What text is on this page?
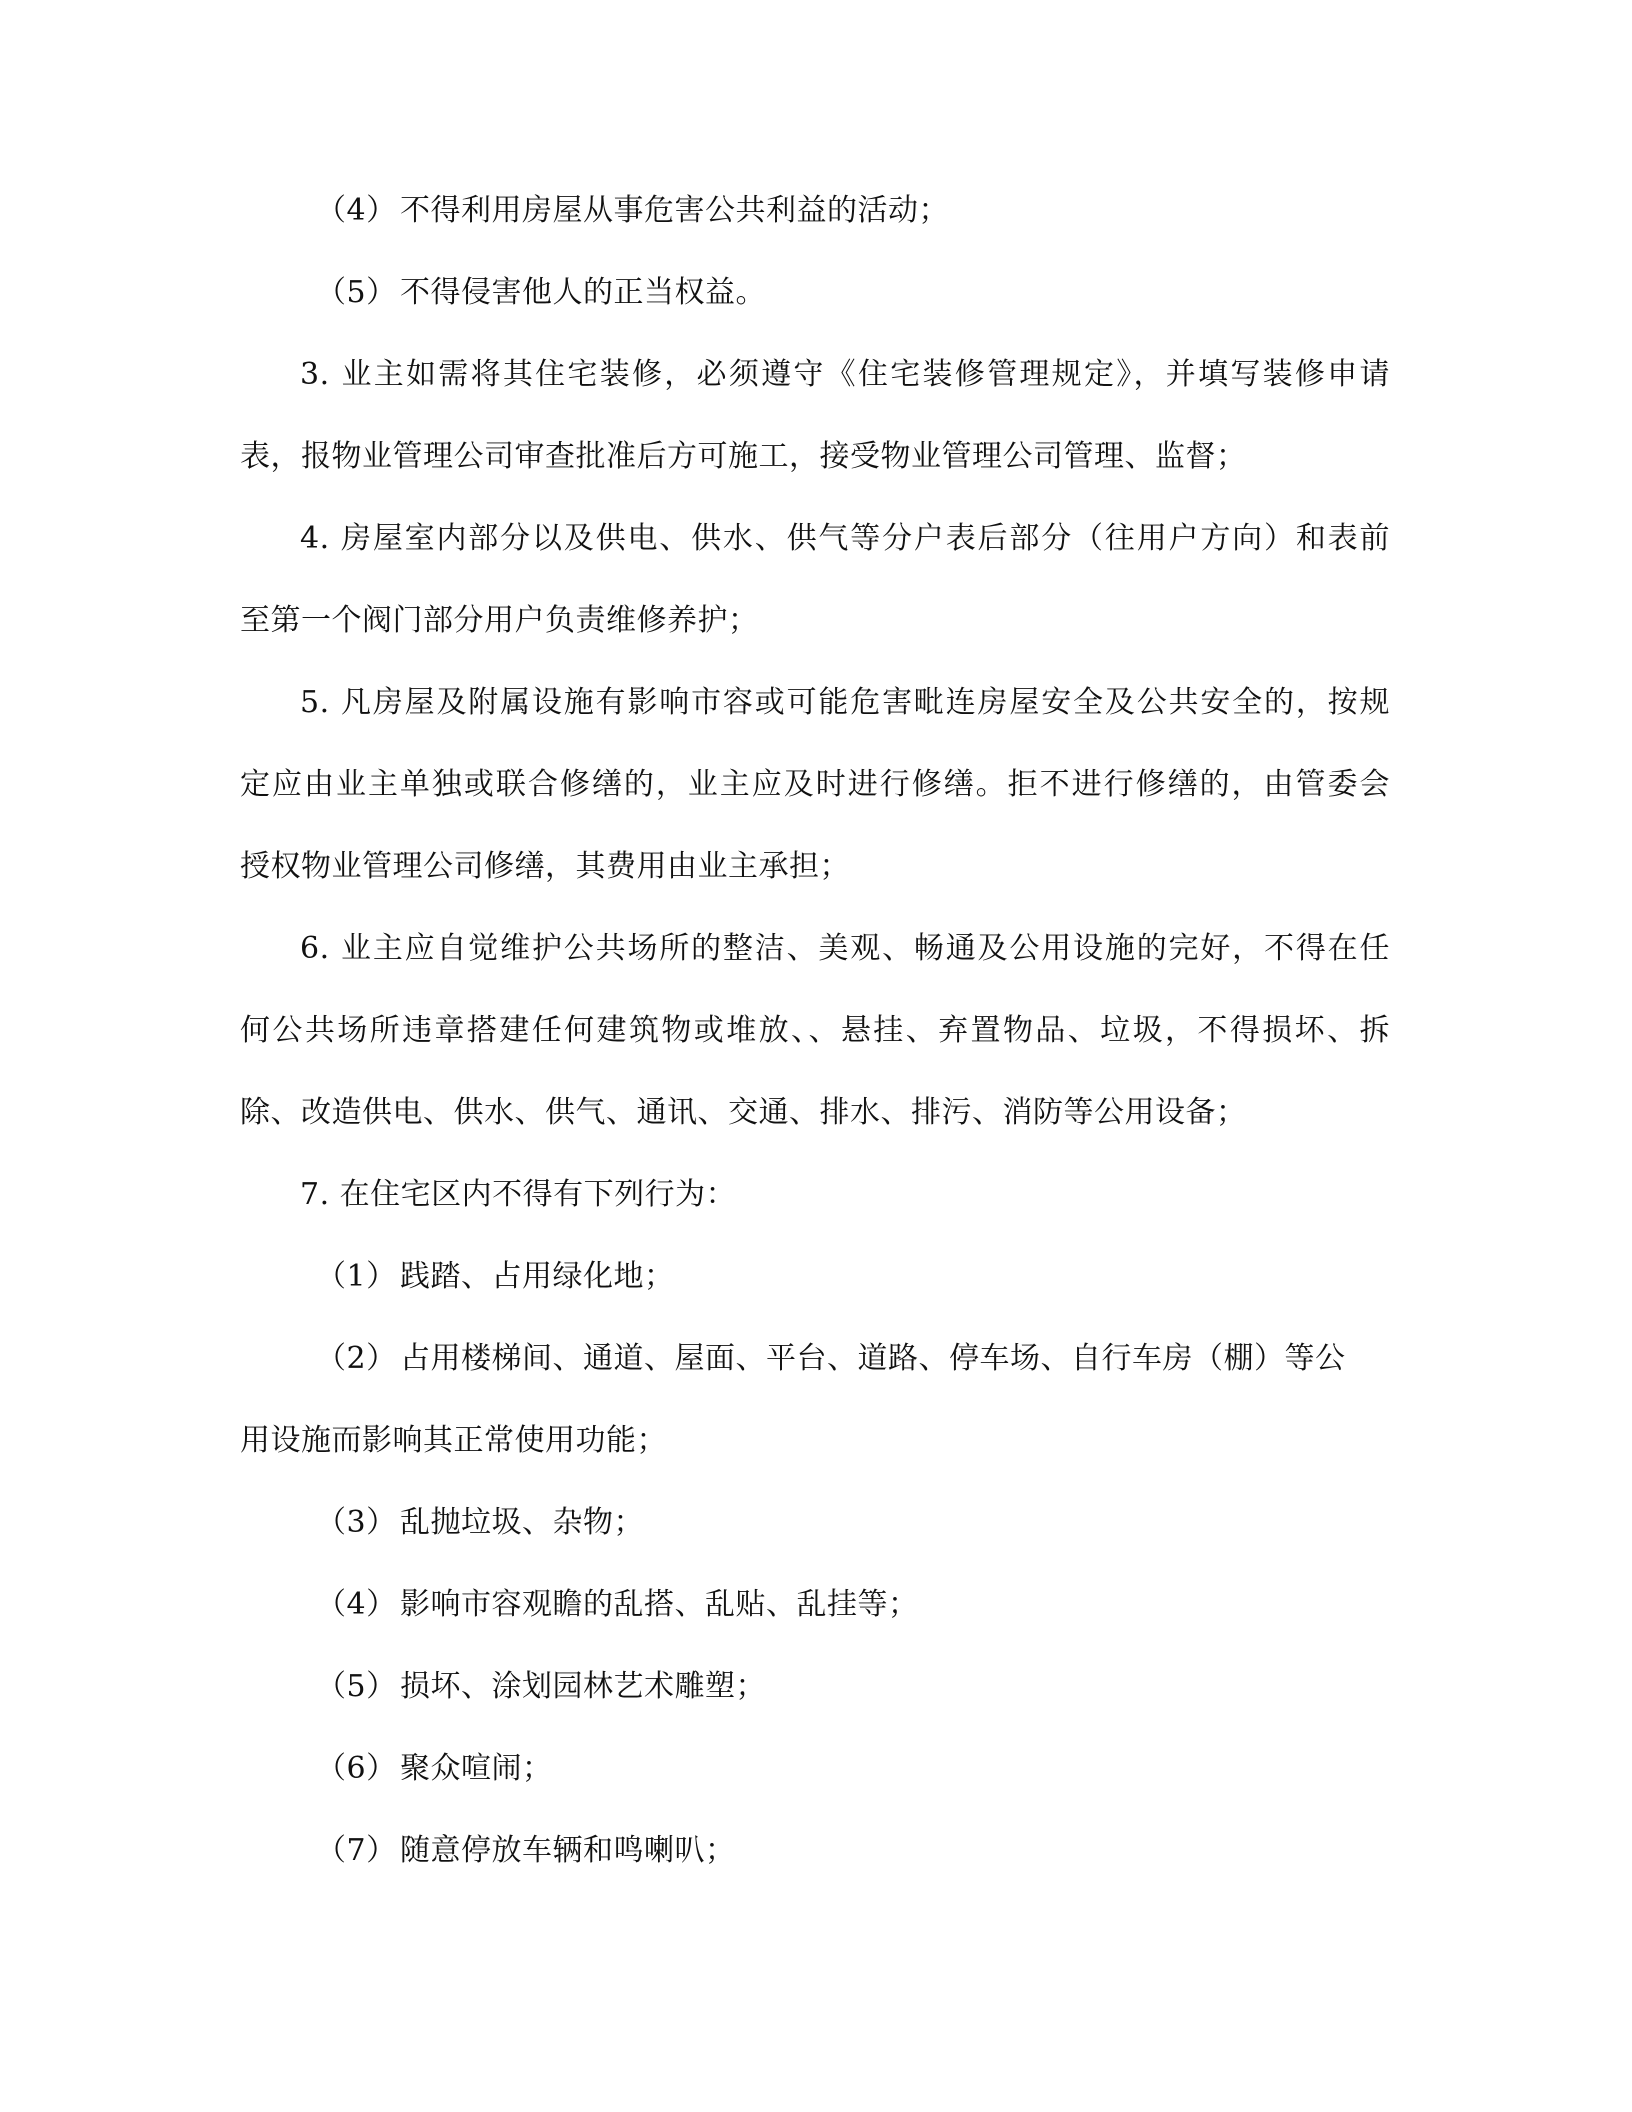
（4） 不得利用房屋从事危害公共利益的活动；
（5） 不得侵害他人的正当权益。
3. 业主如需将其住宅装修，必须遵守《住宅装修管理规定》，并填写装修申请
表，报物业管理公司审查批准后方可施工，接受物业管理公司管理、监督；
4. 房屋室内部分以及供电、供水、供气等分户表后部分（往用户方向）和表前
至第一个阀门部分用户负责维修养护；
5. 凡房屋及附属设施有影响市容或可能危害毗连房屋安全及公共安全的，按规
定应由业主单独或联合修缮的，业主应及时进行修缮。拒不进行修缮的，由管委会
授权物业管理公司修缮，其费用由业主承担；
6. 业主应自觉维护公共场所的整洁、美观、畅通及公用设施的完好，不得在任
何公共场所违章搭建任何建筑物或堆放、、悬挂、弃置物品、垃圾，不得损坏、拆
除、改造供电、供水、供气、通讯、交通、排水、排污、消防等公用设备；
7. 在住宅区内不得有下列行为：
（1） 践踏、占用绿化地；
（2） 占用楼梯间、通道、屋面、平台、道路、停车场、自行车房（棚）等公
用设施而影响其正常使用功能；
（3） 乱抛垃圾、杂物；
（4） 影响市容观瞻的乱搭、乱贴、乱挂等；
（5） 损坏、涂划园林艺术雕塑；
（6） 聚众喧闹；
（7） 随意停放车辆和鸣喇叭；
